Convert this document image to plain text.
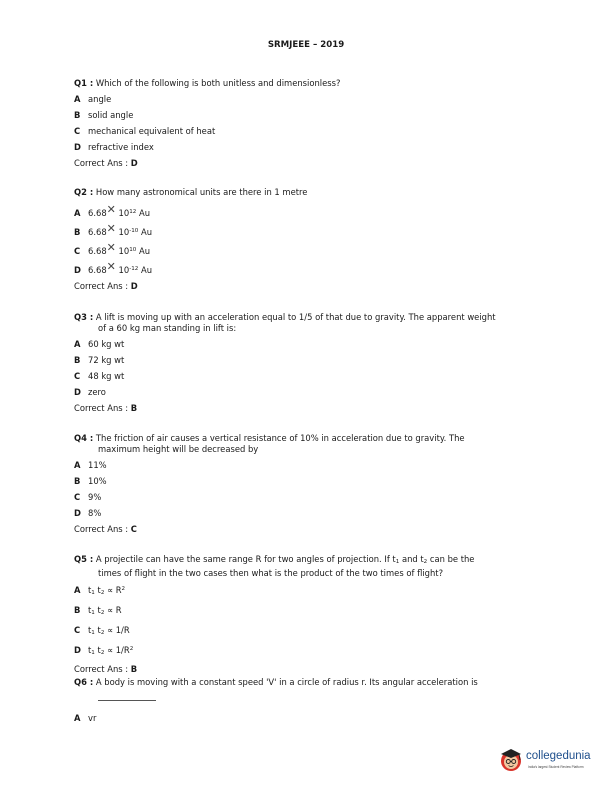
SRMJEEE – 2019
Q1 : Which of the following is both unitless and dimensionless?
A angle
B solid angle
C mechanical equivalent of heat
D refractive index
Correct Ans : D
Q2 : How many astronomical units are there in 1 metre
A 6.68✕ $10^{12}$ Au
B 6.68✕ $10^{-10}$ Au
C 6.68✕ $10^{10}$ Au
D 6.68✕ $10^{-12}$ Au
Correct Ans : D
Q3 : A lift is moving up with an acceleration equal to 1/5 of that due to gravity. The apparent weight
of a 60 kg man standing in lift is:
A 60 kg wt
B 72 kg wt
C 48 kg wt
D zero
Correct Ans : B
Q4 : The friction of air causes a vertical resistance of 10% in acceleration due to gravity. The
maximum height will be decreased by
A 11%
B 10%
C 9%
D 8%
Correct Ans : C
Q5 : A projectile can have the same range R for two angles of projection. If $t_1$ and $t_2$ can be the
times of flight in the two cases then what is the product of the two times of flight?
A $t_1$ $t_2 \propto R^2$
B $t_1$ $t_2 \propto R$
C $t_1$ $t_2 \propto 1/R$
D $t_1$ $t_2 \propto 1/R^2$
Correct Ans : B
Q6 : A body is moving with a constant speed 'V' in a circle of radius r. Its angular acceleration is
A vr
collegedunia
India's largest Student Review Platform
